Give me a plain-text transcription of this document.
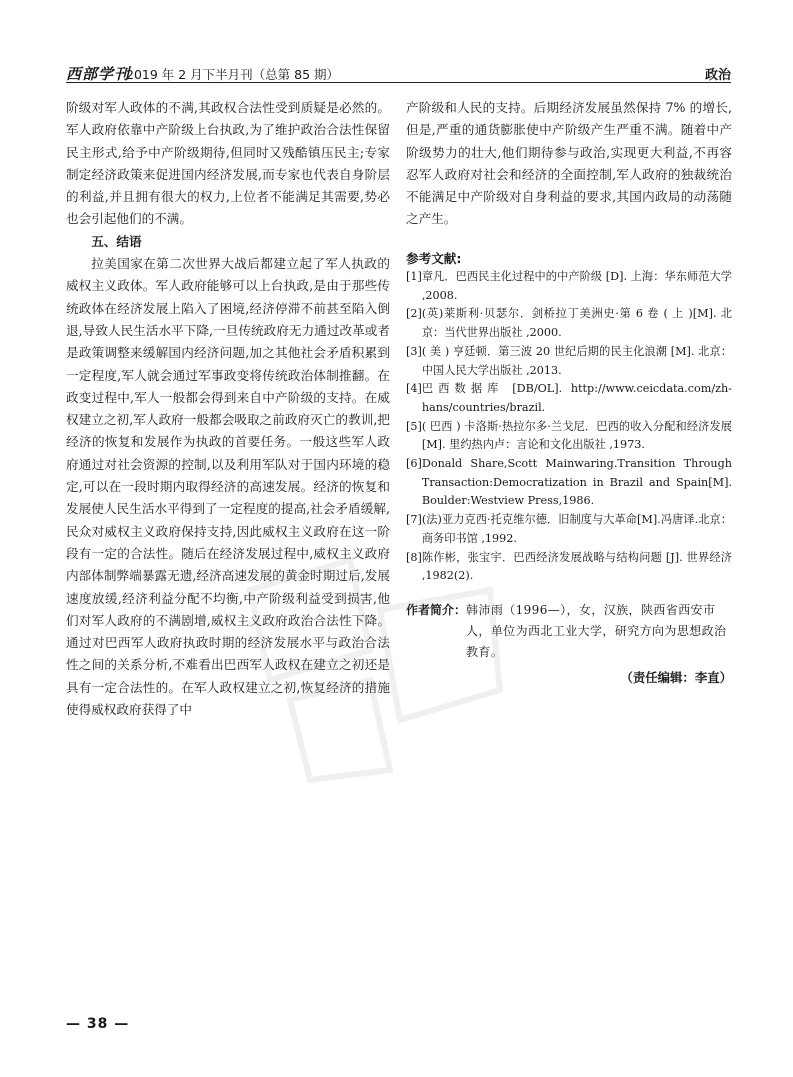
西部学刊
2019 年 2 月下半月刊（总第 85 期）	政治

阶级对军人政体的不满,其政权合法性受到质疑是必然的。军人政府依靠中产阶级上台执政,为了维护政治合法性保留民主形式,给予中产阶级期待,但同时又残酷镇压民主;专家制定经济政策来促进国内经济发展,而专家也代表自身阶层的利益,并且拥有很大的权力,上位者不能满足其需要,势必也会引起他们的不满。

五、结语

拉美国家在第二次世界大战后都建立起了军人执政的威权主义政体。军人政府能够可以上台执政,是由于那些传统政体在经济发展上陷入了困境,经济停滞不前甚至陷入倒退,导致人民生活水平下降,一旦传统政府无力通过改革或者是政策调整来缓解国内经济问题,加之其他社会矛盾积累到一定程度,军人就会通过军事政变将传统政治体制推翻。在政变过程中,军人一般都会得到来自中产阶级的支持。在威权建立之初,军人政府一般都会吸取之前政府灭亡的教训,把经济的恢复和发展作为执政的首要任务。一般这些军人政府通过对社会资源的控制,以及利用军队对于国内环境的稳定,可以在一段时期内取得经济的高速发展。经济的恢复和发展使人民生活水平得到了一定程度的提高,社会矛盾缓解,民众对威权主义政府保持支持,因此威权主义政府在这一阶段有一定的合法性。随后在经济发展过程中,威权主义政府内部体制弊端暴露无遗,经济高速发展的黄金时期过后,发展速度放缓,经济利益分配不均衡,中产阶级利益受到损害,他们对军人政府的不满剧增,威权主义政府政治合法性下降。通过对巴西军人政府执政时期的经济发展水平与政治合法性之间的关系分析,不难看出巴西军人政权在建立之初还是具有一定合法性的。在军人政权建立之初,恢复经济的措施使得威权政府获得了中

产阶级和人民的支持。后期经济发展虽然保持 7% 的增长,但是,严重的通货膨胀使中产阶级产生严重不满。随着中产阶级势力的壮大,他们期待参与政治,实现更大利益,不再容忍军人政府对社会和经济的全面控制,军人政府的独裁统治不能满足中产阶级对自身利益的要求,其国内政局的动荡随之产生。

参考文献:
[1] 章凡．巴西民主化过程中的中产阶级 [D]. 上海：华东师范大学 ,2008.
[2] (英)莱斯利·贝瑟尔．剑桥拉丁美洲史·第 6 卷 ( 上 )[M]. 北京：当代世界出版社 ,2000.
[3] ( 美 ) 亨廷顿．第三波 20 世纪后期的民主化浪潮 [M]. 北京：中国人民大学出版社 ,2013.
[4] 巴西数据库 [DB/OL]. http://www.ceicdata.com/zh-hans/countries/brazil.
[5] ( 巴西 ) 卡洛斯·热拉尔多·兰戈尼．巴西的收入分配和经济发展 [M]. 里约热内卢：言论和文化出版社 ,1973.
[6] Donald Share,Scott Mainwaring.Transition Through Transaction:Democratization in Brazil and Spain[M]. Boulder:Westview Press,1986.
[7] (法)亚力克西·托克维尔德．旧制度与大革命[M].冯唐译.北京：商务印书馆 ,1992.
[8] 陈作彬，张宝宇．巴西经济发展战略与结构问题 [J]. 世界经济 ,1982(2).
作者简介： 韩沛雨（1996—），女，汉族，陕西省西安市人，单位为西北工业大学，研究方向为思想政治教育。
（责任编辑：李直）
— 38 —
